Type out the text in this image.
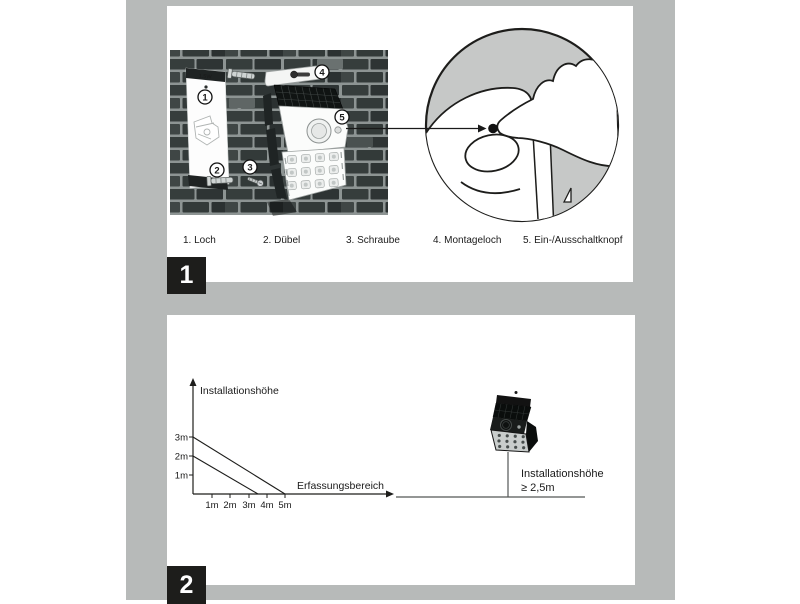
1.5W
1
2	3
4
5
1. Loch	2. Dübel	3. Schraube	4. Montageloch 5. Ein-/Ausschaltknopf
Installationshöhe
Erfassungsbereich
3m
2m
1m
1m 2m 3m 4m 5m
Installationshöhe
≥ 2,5m
1
2
